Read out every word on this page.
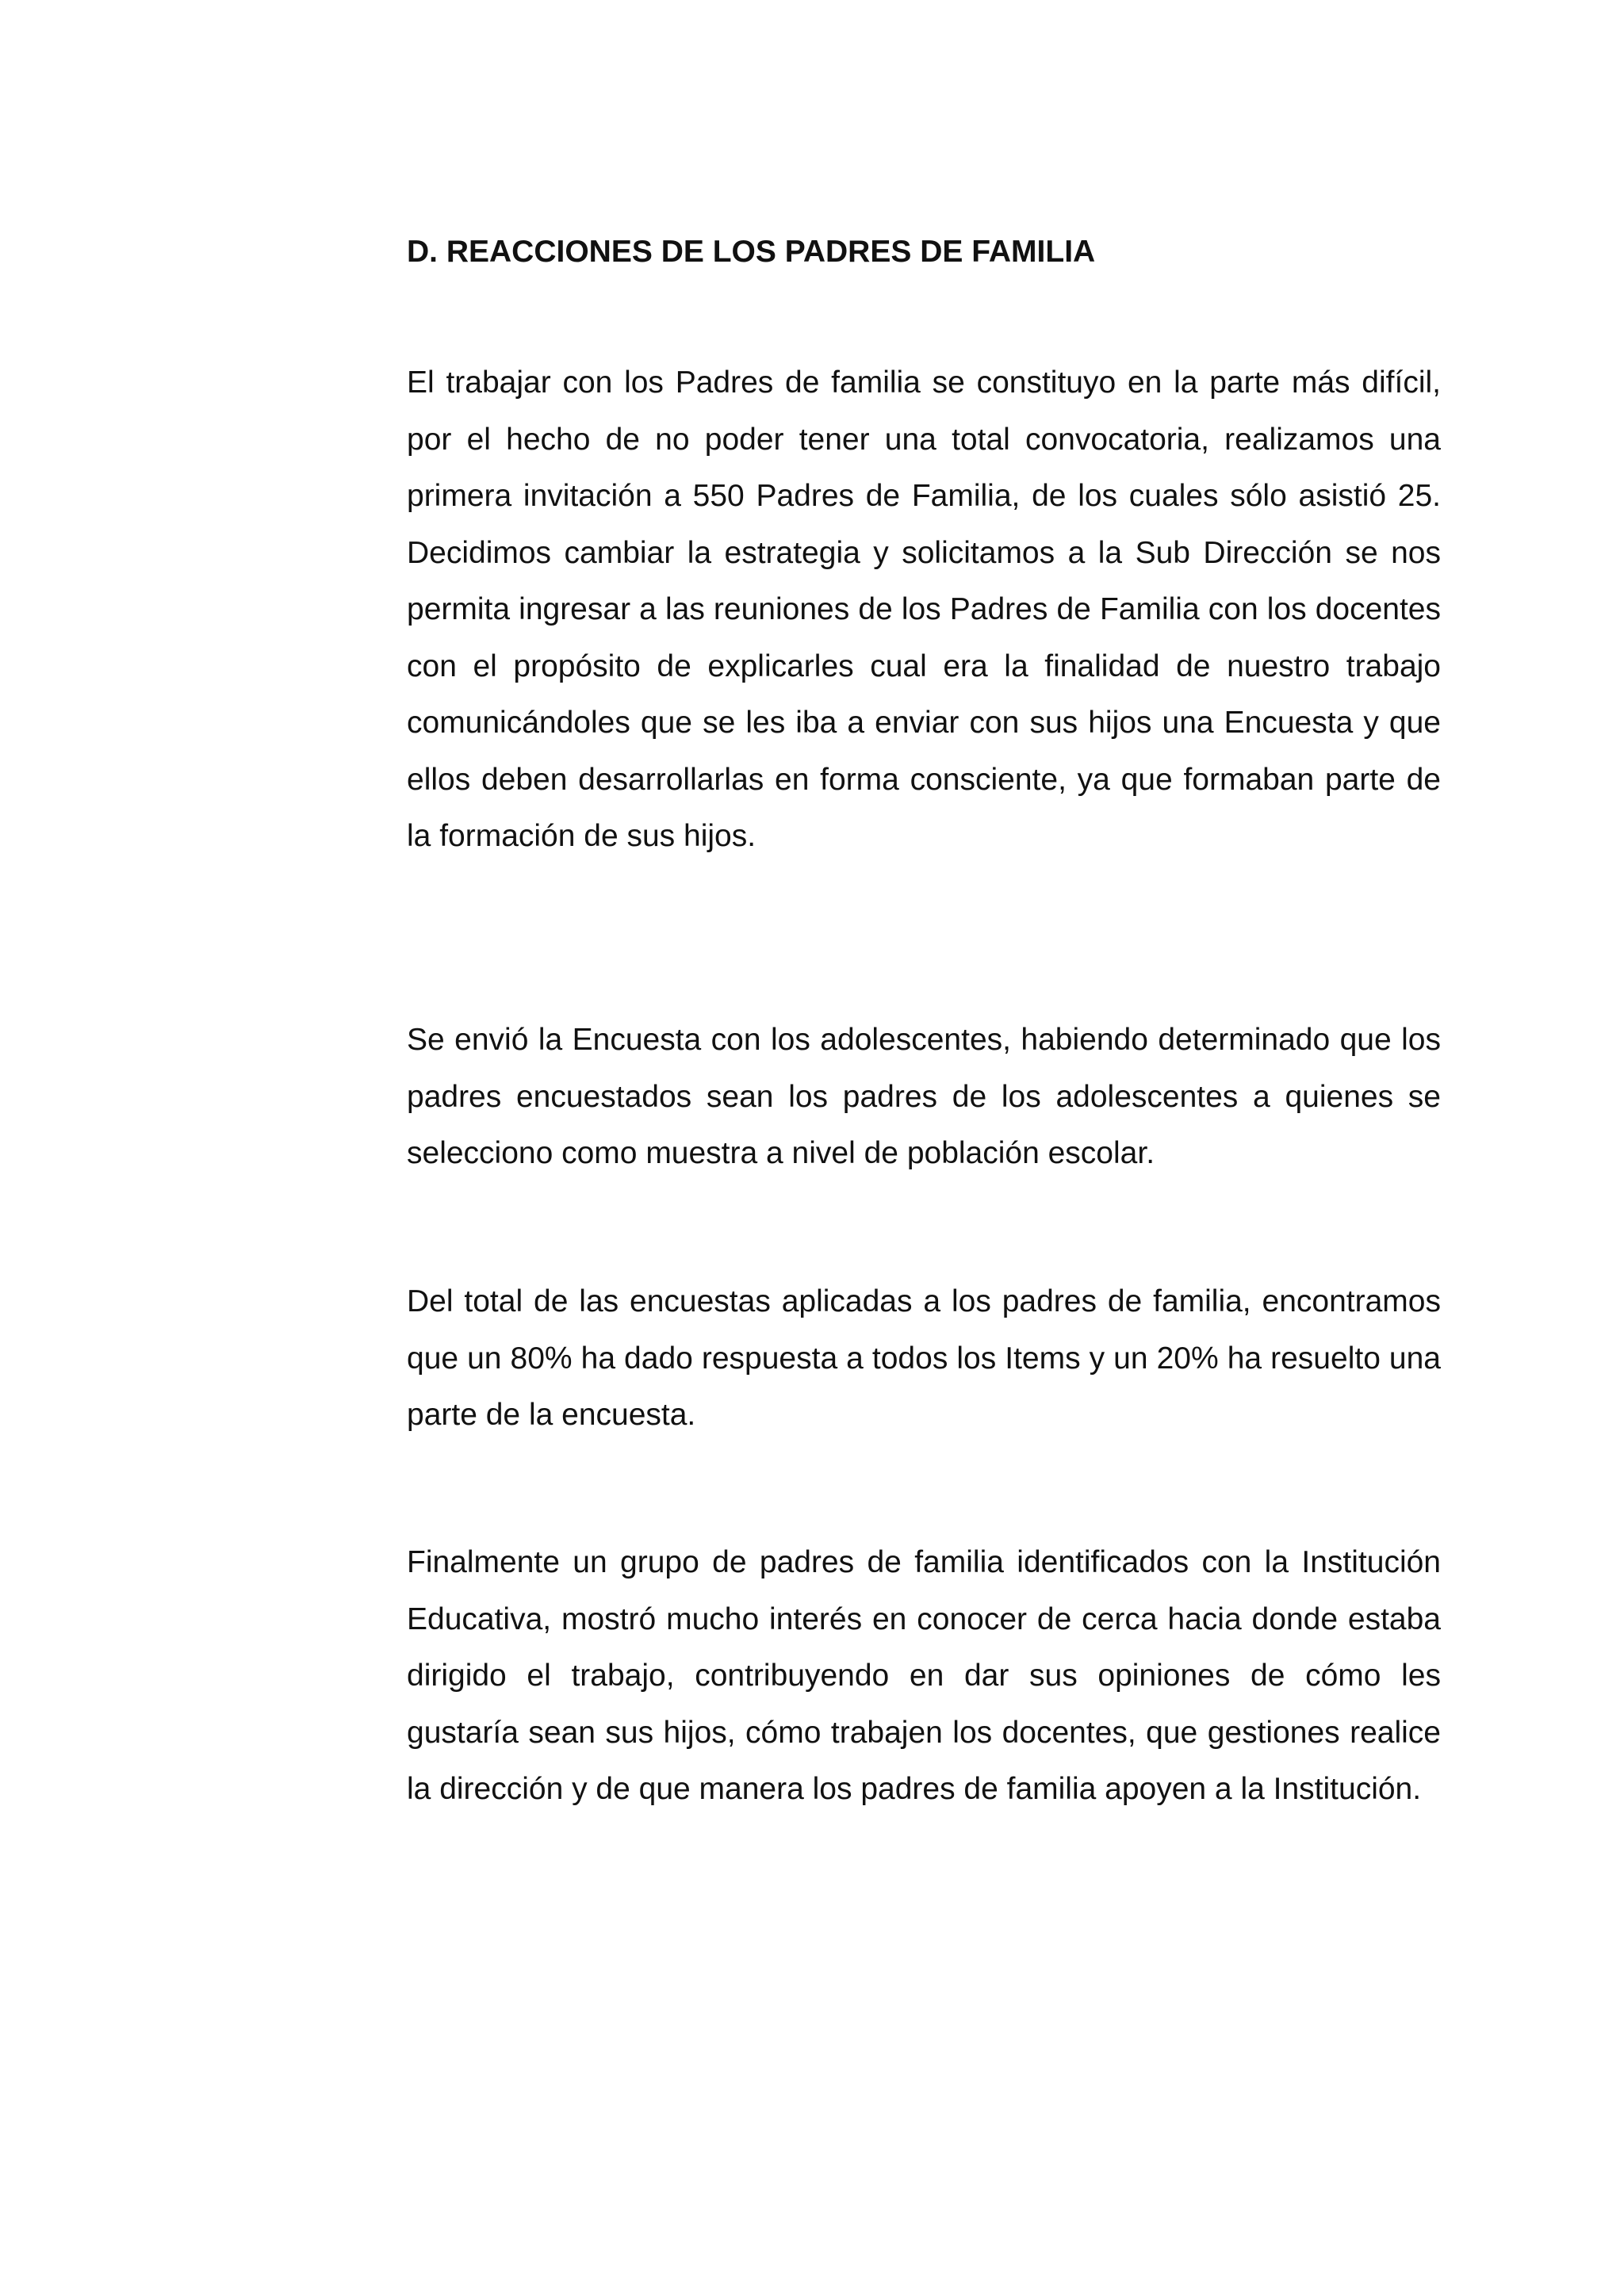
D. REACCIONES DE LOS PADRES DE FAMILIA

El trabajar con los Padres de familia se constituyo en la parte más difícil, por el hecho de no poder tener una total convocatoria, realizamos una primera invitación a 550 Padres de Familia, de los cuales sólo asistió 25. Decidimos cambiar la estrategia y solicitamos a la Sub Dirección se nos permita ingresar a las reuniones de los Padres de Familia con los docentes con el propósito de explicarles cual era la finalidad de nuestro trabajo comunicándoles que se les iba a enviar con sus hijos una Encuesta y que ellos deben desarrollarlas en forma consciente, ya que formaban parte de la formación de sus hijos.

Se envió la Encuesta con los adolescentes, habiendo determinado que los padres encuestados sean los padres de los adolescentes a quienes se selecciono como muestra a nivel de población escolar.

Del total de las encuestas aplicadas a los padres de familia, encontramos que un 80% ha dado respuesta a todos los Items y un 20% ha resuelto una parte de la encuesta.

Finalmente un grupo de padres de familia identificados con la Institución Educativa, mostró mucho interés en conocer de cerca hacia donde estaba dirigido el trabajo, contribuyendo en dar sus opiniones de cómo les gustaría sean sus hijos, cómo trabajen los docentes, que gestiones realice la dirección y de que manera los padres de familia apoyen a la Institución.
